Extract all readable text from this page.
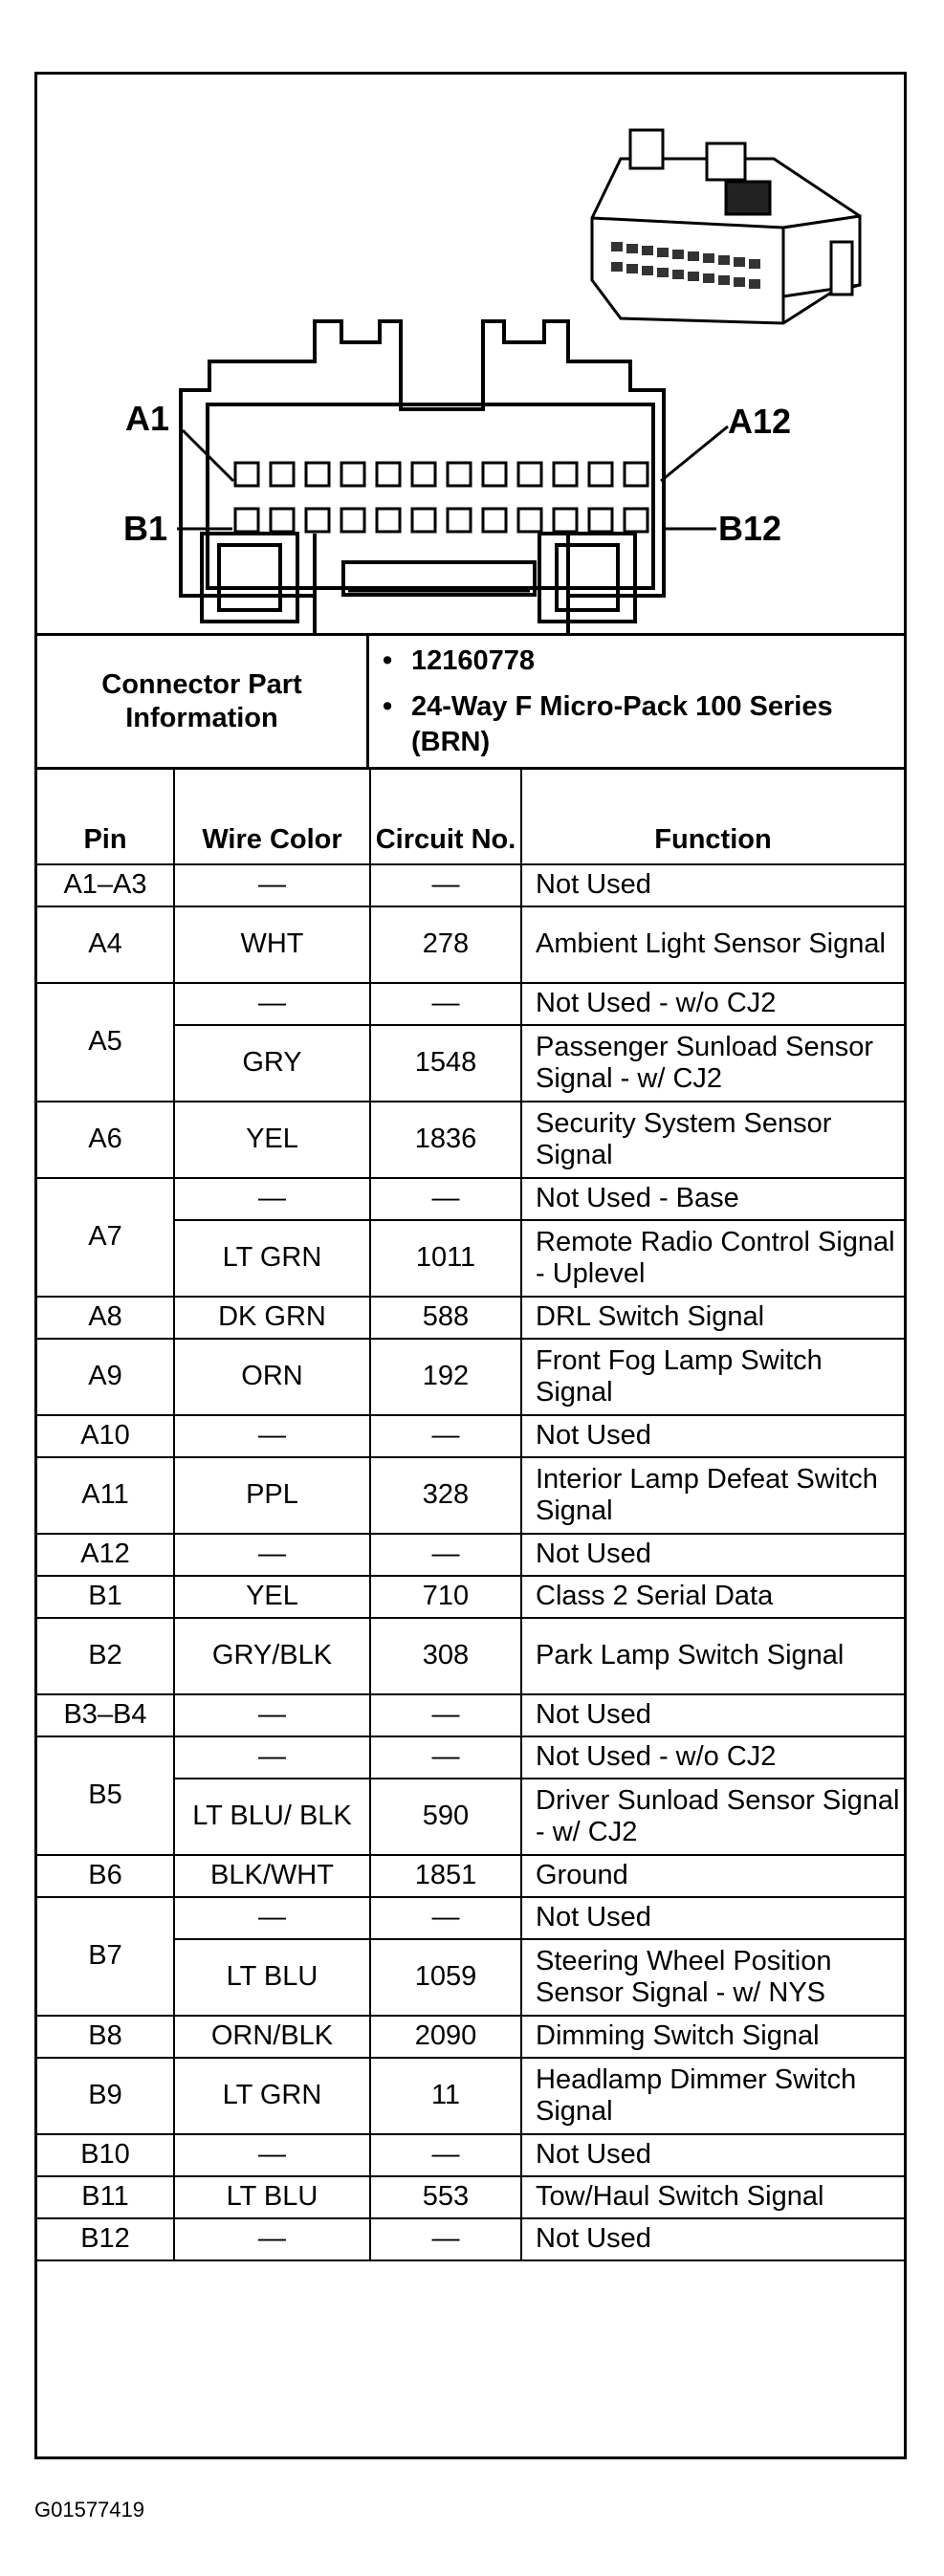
A1
B1
A12
B12
Connector Part Information
• 12160778
• 24-Way F Micro-Pack 100 Series (BRN)
Pin	Wire Color	Circuit No.	Function
A1–A3	—	—	Not Used
A4	WHT	278	Ambient Light Sensor Signal
A5	—	—	Not Used - w/o CJ2
	GRY	1548	Passenger Sunload Sensor Signal - w/ CJ2
A6	YEL	1836	Security System Sensor Signal
A7	—	—	Not Used - Base
	LT GRN	1011	Remote Radio Control Signal - Uplevel
A8	DK GRN	588	DRL Switch Signal
A9	ORN	192	Front Fog Lamp Switch Signal
A10	—	—	Not Used
A11	PPL	328	Interior Lamp Defeat Switch Signal
A12	—	—	Not Used
B1	YEL	710	Class 2 Serial Data
B2	GRY/BLK	308	Park Lamp Switch Signal
B3–B4	—	—	Not Used
B5	—	—	Not Used - w/o CJ2
	LT BLU/ BLK	590	Driver Sunload Sensor Signal - w/ CJ2
B6	BLK/WHT	1851	Ground
B7	—	—	Not Used
	LT BLU	1059	Steering Wheel Position Sensor Signal - w/ NYS
B8	ORN/BLK	2090	Dimming Switch Signal
B9	LT GRN	11	Headlamp Dimmer Switch Signal
B10	—	—	Not Used
B11	LT BLU	553	Tow/Haul Switch Signal
B12	—	—	Not Used
G01577419
